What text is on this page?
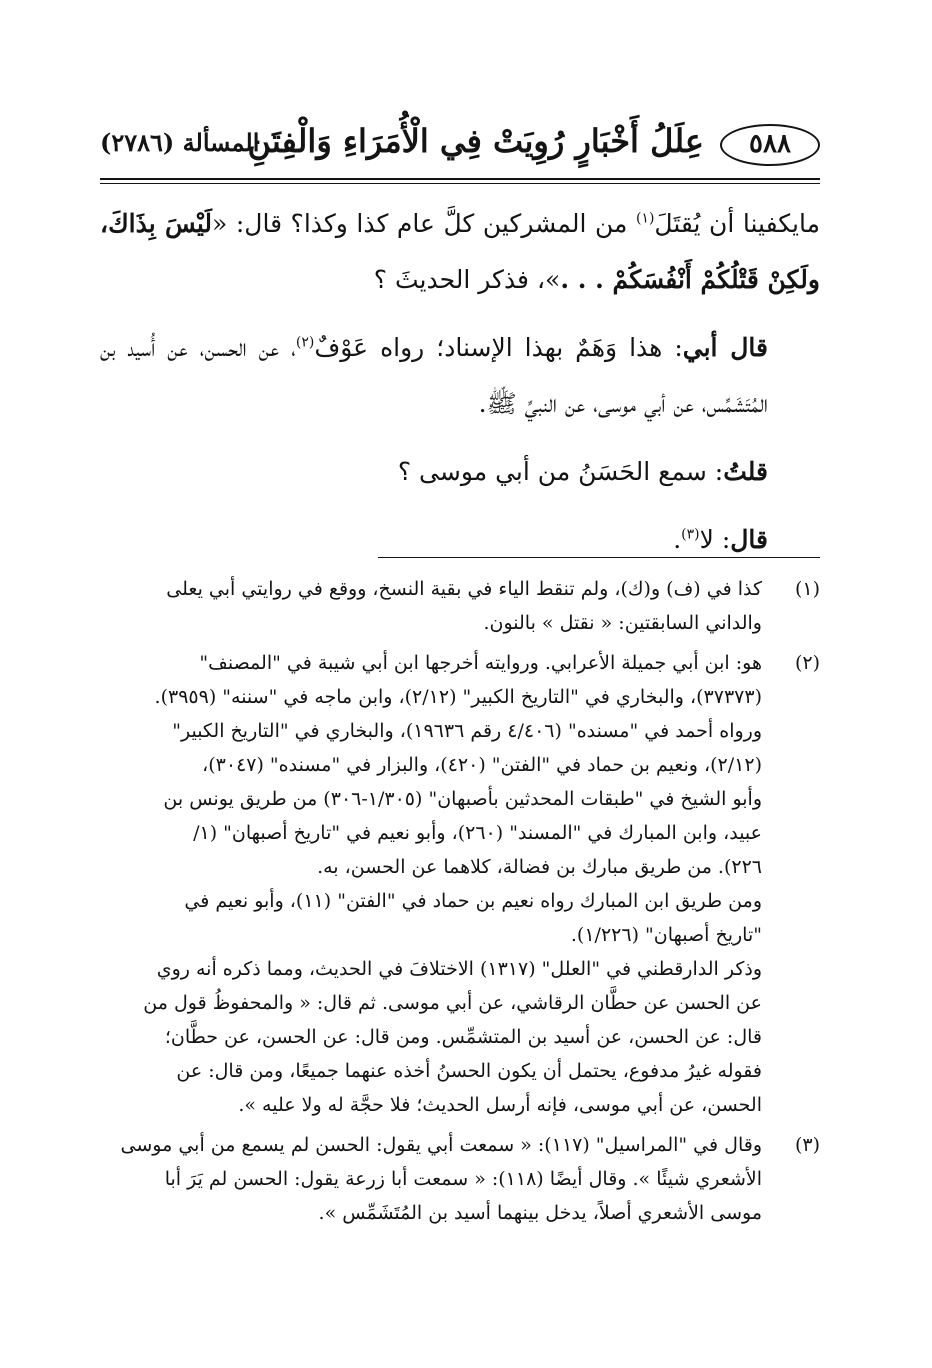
٥٨٨
عِلَلُ أَخْبَارٍ رُوِيَتْ فِي الْأُمَرَاءِ وَالْفِتَنِ
المسألة (٢٧٨٦)

مايكفينا أن يُقتَلَ$^{(١)}$ من المشركين كلَّ عام كذا وكذا؟ قال: «لَيْسَ بِذَاكَ، ولَكِنْ قَتْلُكُمْ أَنْفُسَكُمْ . . .»، فذكر الحديثَ ؟

قال أبي: هذا وَهَمٌ بهذا الإسناد؛ رواه عَوْفٌ$^{(٢)}$، عن الحسن، عن أُسيد بن المُتَشَمِّس، عن أبي موسى، عن النبيِّ ﷺ.

قلتُ: سمع الحَسَنُ من أبي موسى ؟

قال: لا$^{(٣)}$.

(١)

كذا في (ف) و(ك)، ولم تنقط الياء في بقية النسخ، ووقع في روايتي أبي يعلى

والداني السابقتين: « نقتل » بالنون.

(٢)

هو: ابن أبي جميلة الأعرابي. وروايته أخرجها ابن أبي شيبة في "المصنف"

(٣٧٣٧٣)، والبخاري في "التاريخ الكبير" (٢/١٢)، وابن ماجه في "سننه" (٣٩٥٩).

ورواه أحمد في "مسنده" (٤/٤٠٦ رقم ١٩٦٣٦)، والبخاري في "التاريخ الكبير"

(٢/١٢)، ونعيم بن حماد في "الفتن" (٤٢٠)، والبزار في "مسنده" (٣٠٤٧)،

وأبو الشيخ في "طبقات المحدثين بأصبهان" (١/٣٠٥-٣٠٦) من طريق يونس بن

عبيد، وابن المبارك في "المسند" (٢٦٠)، وأبو نعيم في "تاريخ أصبهان" (١/

٢٢٦). من طريق مبارك بن فضالة، كلاهما عن الحسن، به.

ومن طريق ابن المبارك رواه نعيم بن حماد في "الفتن" (١١)، وأبو نعيم في

"تاريخ أصبهان" (١/٢٢٦).

وذكر الدارقطني في "العلل" (١٣١٧) الاختلافَ في الحديث، ومما ذكره أنه روي

عن الحسن عن حطَّان الرقاشي، عن أبي موسى. ثم قال: « والمحفوظُ قول من

قال: عن الحسن، عن أسيد بن المتشمِّس. ومن قال: عن الحسن، عن حطَّان؛

فقوله غيرُ مدفوع، يحتمل أن يكون الحسنُ أخذه عنهما جميعًا، ومن قال: عن

الحسن، عن أبي موسى، فإنه أرسل الحديث؛ فلا حجَّة له ولا عليه ».

(٣)

وقال في "المراسيل" (١١٧): « سمعت أبي يقول: الحسن لم يسمع من أبي موسى

الأشعري شيئًا ». وقال أيضًا (١١٨): « سمعت أبا زرعة يقول: الحسن لم يَرَ أبا

موسى الأشعري أصلاً، يدخل بينهما أسيد بن المُتَشَمِّس ».
